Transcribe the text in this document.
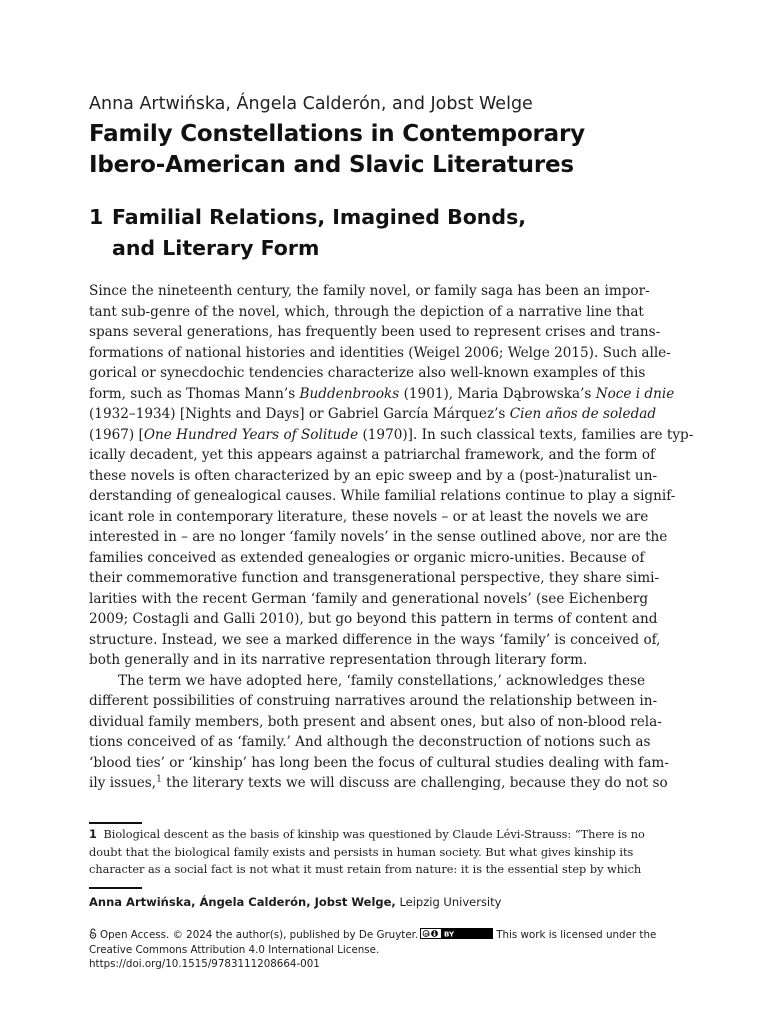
Anna Artwińska, Ángela Calderón, and Jobst Welge
Family Constellations in Contemporary
Ibero-American and Slavic Literatures
1 Familial Relations, Imagined Bonds,
and Literary Form
Since the nineteenth century, the family novel, or family saga has been an impor-
tant sub-genre of the novel, which, through the depiction of a narrative line that
spans several generations, has frequently been used to represent crises and trans-
formations of national histories and identities (Weigel 2006; Welge 2015). Such alle-
gorical or synecdochic tendencies characterize also well-known examples of this
form, such as Thomas Mann’s Buddenbrooks (1901), Maria Dąbrowska’s Noce i dnie
(1932–1934) [Nights and Days] or Gabriel García Márquez’s Cien años de soledad
(1967) [One Hundred Years of Solitude (1970)]. In such classical texts, families are typ-
ically decadent, yet this appears against a patriarchal framework, and the form of
these novels is often characterized by an epic sweep and by a (post-)naturalist un-
derstanding of genealogical causes. While familial relations continue to play a signif-
icant role in contemporary literature, these novels – or at least the novels we are
interested in – are no longer ‘family novels’ in the sense outlined above, nor are the
families conceived as extended genealogies or organic micro-unities. Because of
their commemorative function and transgenerational perspective, they share simi-
larities with the recent German ‘family and generational novels’ (see Eichenberg
2009; Costagli and Galli 2010), but go beyond this pattern in terms of content and
structure. Instead, we see a marked difference in the ways ‘family’ is conceived of,
both generally and in its narrative representation through literary form.
The term we have adopted here, ‘family constellations,’ acknowledges these
different possibilities of construing narratives around the relationship between in-
dividual family members, both present and absent ones, but also of non-blood rela-
tions conceived of as ‘family.’ And although the deconstruction of notions such as
‘blood ties’ or ‘kinship’ has long been the focus of cultural studies dealing with fam-
ily issues,$^1$ the literary texts we will discuss are challenging, because they do not so
1 Biological descent as the basis of kinship was questioned by Claude Lévi-Strauss: “There is no
doubt that the biological family exists and persists in human society. But what gives kinship its
character as a social fact is not what it must retain from nature: it is the essential step by which
Anna Artwińska, Ángela Calderón, Jobst Welge, Leipzig University
Open Access. © 2024 the author(s), published by De Gruyter. cc BY	This work is licensed under the
Creative Commons Attribution 4.0 International License.
https://doi.org/10.1515/9783111208664-001
